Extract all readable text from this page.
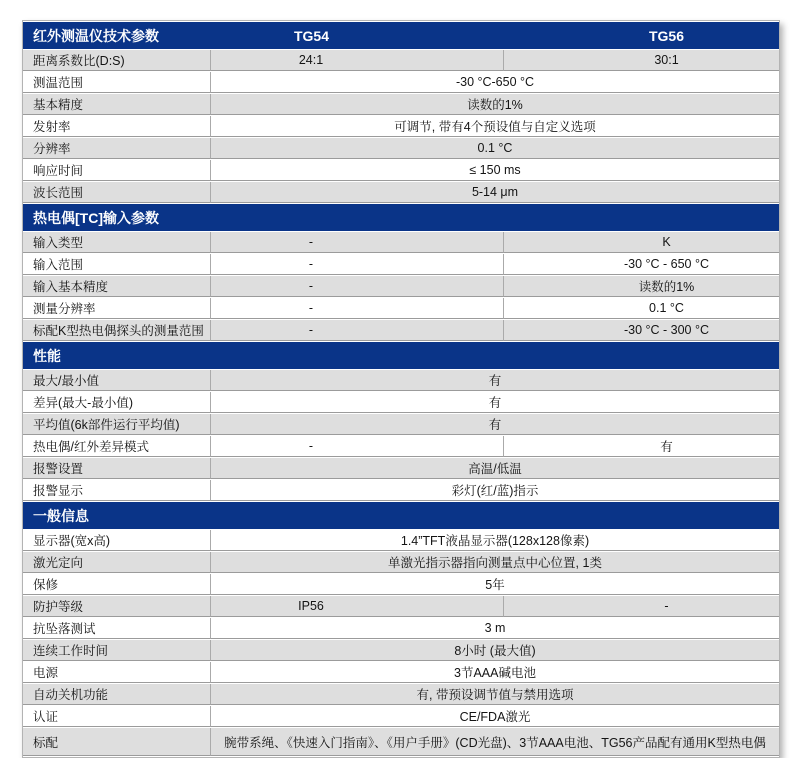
红外测温仪技术参数	TG54	TG56
距离系数比(D:S)	24:1	30:1
测温范围	-30 °C-650 °C	
基本精度	读数的1%	
发射率	可调节, 带有4个预设值与自定义选项	
分辨率	0.1 °C	
响应时间	≤ 150 ms	
波长范围	5-14 μm	
热电偶[TC]输入参数		
输入类型	-	K
输入范围	-	-30 °C - 650 °C
输入基本精度	-	读数的1%
测量分辨率	-	0.1 °C
标配K型热电偶探头的测量范围	-	-30 °C - 300 °C
性能		
最大/最小值	有	
差异(最大-最小值)	有	
平均值(6k部件运行平均值)	有	
热电偶/红外差异模式	-	有
报警设置	高温/低温	
报警显示	彩灯(红/蓝)指示	
一般信息		
显示器(宽x高)	1.4”TFT液晶显示器(128x128像素)	
激光定向	单激光指示器指向测量点中心位置, 1类	
保修	5年	
防护等级	IP56	-
抗坠落测试	3 m	
连续工作时间	8小时 (最大值)	
电源	3节AAA碱电池	
自动关机功能	有, 带预设调节值与禁用选项	
认证	CE/FDA激光	
标配	腕带系绳、《快速入门指南》、《用户手册》(CD光盘)、3节AAA电池、TG56产品配有通用K型热电偶	
